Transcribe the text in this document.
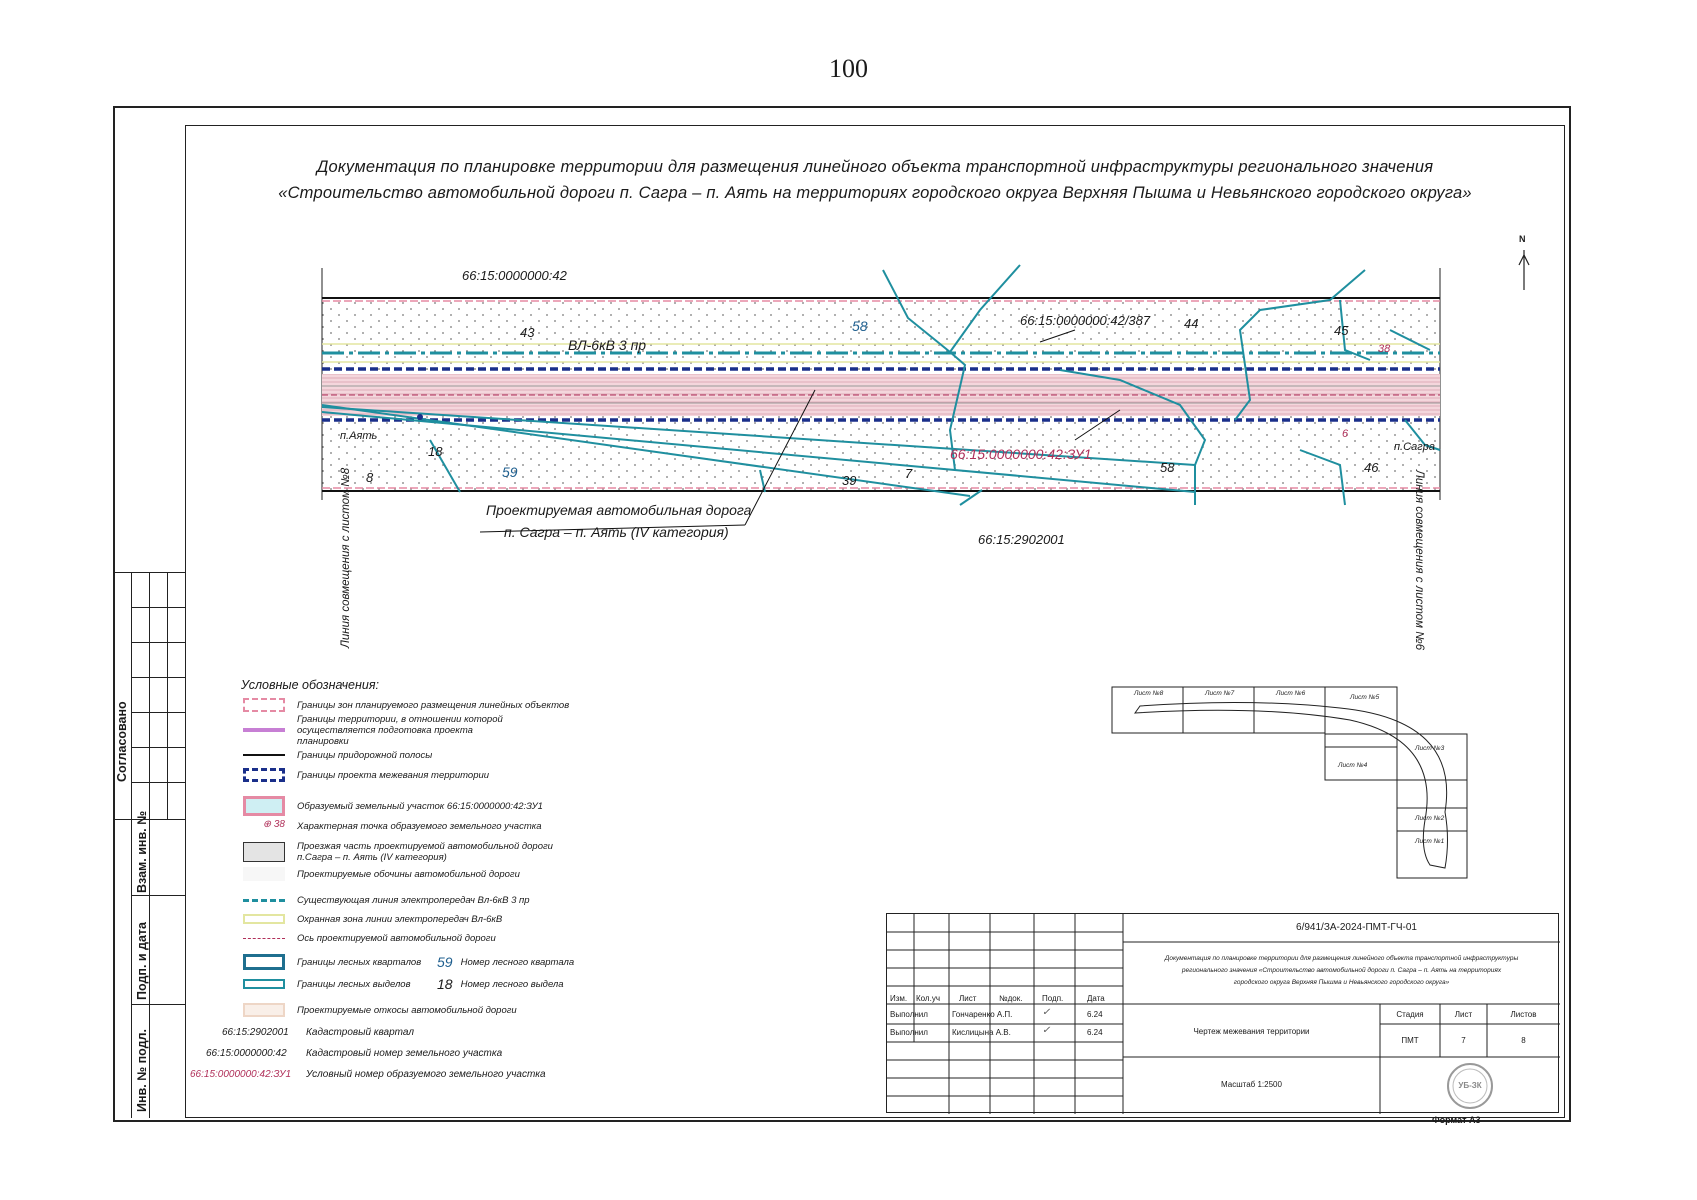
100
Документация по планировке территории для размещения линейного объекта транспортной инфраструктуры регионального значения
«Строительство автомобильной дороги п. Сагра – п. Аять на территориях городского округа Верхняя Пышма и Невьянского городского округа»
66:15:0000000:42
66:15:0000000:42/387
66:15:0000000:42:ЗУ1
66:15:2902001
ВЛ-6кВ 3 пр
43	58	44	45
18
59
8	39	7	58	46
6
38
п.Аять
п.Сагра
Проектируемая автомобильная дорога
п. Сагра – п. Аять (IV категория)
N
Линия совмещения с листом №8	Линия совмещения с листом №6
Согласовано
Взам. инв. №
Подп. и дата
Инв. № подл.
Условные обозначения:
Границы зон планируемого размещения линейных объектов
Границы территории, в отношении которой осуществляется подготовка проекта планировки
Границы придорожной полосы
Границы проекта межевания территории
Образуемый земельный участок 66:15:0000000:42:ЗУ1
⊕ 38 Характерная точка образуемого земельного участка
Проезжая часть проектируемой автомобильной дороги п.Сагра – п. Аять (IV категория)
Проектируемые обочины автомобильной дороги
Существующая линия электропередач Вл-6кВ 3 пр
Охранная зона линии электропередач Вл-6кВ
Ось проектируемой автомобильной дороги
Границы лесных кварталов	59 Номер лесного квартала
Границы лесных выделов	18 Номер лесного выдела
Проектируемые откосы автомобильной дороги
66:15:2902001 Кадастровый квартал
66:15:0000000:42 Кадастровый номер земельного участка
66:15:0000000:42:ЗУ1 Условный номер образуемого земельного участка
Лист №8	Лист №7	Лист №6
Лист №5
Лист №4
Лист №3
Лист №2
Лист №1
6/941/ЗА-2024-ПМТ-ГЧ-01
Документация по планировке территории для размещения линейного объекта транспортной инфраструктуры
регионального значения «Строительство автомобильной дороги п. Сагра – п. Аять на территориях
городского округа Верхняя Пышма и Невьянского городского округа»
Изм. Кол.уч Лист	№док. Подп.	Дата
Выполнил	Гончаренко А.П.	✓	6.24
Выполнил	Кислицына А.В.	✓	6.24	Чертеж межевания территории
Масштаб 1:2500
Стадия	Лист	Листов
ПМТ	7	8
УБ-ЗК
Формат А3
